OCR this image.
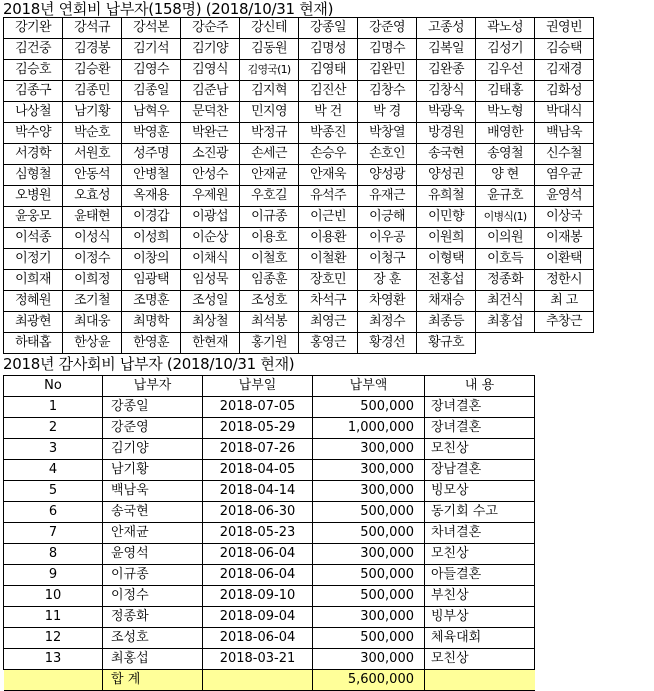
2018년 연회비 납부자(158명) (2018/10/31 현재)
강기완	강석규	강석본	강순주	강신테	강종일	강준영	고종성	곽노성	권영빈
김건중	김경봉	김기석	김기양	김동원	김명성	김명수	김복일	김성기	김승택
김승호	김승환	김영수	김영식	김영국(1)	김영태	김완민	김완종	김우선	김재경
김종구	김종민	김종일	김준남	김지혁	김진산	김창수	김창식	김태홍	김화성
나상철	남기황	남혁우	문덕찬	민지영	박 건	박 경	박광욱	박노형	박대식
박수양	박순호	박영훈	박완근	박정규	박종진	박창열	방경원	배영한	백남욱
서경학	서원호	성주명	소진광	손세근	손승우	손호인	송국현	송영철	신수철
심형철	안동석	안병철	안성수	안재균	안재욱	양성광	양성권	양 현	염우균
오병원	오효성	옥재용	우제원	우호길	유석주	유재근	유희철	윤규호	윤영석
윤웅모	윤태현	이경갑	이광섭	이규종	이근빈	이긍해	이민향	이병식(1)	이상국
이석종	이성식	이성희	이순상	이용호	이용환	이우공	이원희	이의원	이재봉
이정기	이정수	이창의	이채식	이철호	이철환	이청구	이형택	이호득	이환택
이희재	이희정	임광택	임성묵	임종훈	장호민	장 훈	전홍섭	정종화	정한시
정혜원	조기철	조명훈	조성일	조성호	차석구	차영환	채재승	최건식	최 고
최광현	최대웅	최명학	최상철	최석봉	최영근	최정수	최종등	최홍섭	추창근
하태홉	한상윤	한영훈	한현재	홍기원	홍영근	황경선	황규호		
2018년 감사회비 납부자 (2018/10/31 현재)
No	납부자	납부일	납부액	내 용
1	강종일	2018-07-05	500,000	장녀결혼
2	강준영	2018-05-29	1,000,000	장녀결혼
3	김기양	2018-07-26	300,000	모친상
4	남기황	2018-04-05	300,000	장남결혼
5	백남욱	2018-04-14	300,000	빙모상
6	송국현	2018-06-30	500,000	동기회 수고
7	안재균	2018-05-23	500,000	차녀결혼
8	윤영석	2018-06-04	300,000	모친상
9	이규종	2018-06-04	500,000	아들결혼
10	이정수	2018-09-10	500,000	부친상
11	정종화	2018-09-04	300,000	빙부상
12	조성호	2018-06-04	500,000	체육대회
13	최홍섭	2018-03-21	300,000	모친상
	합 계		5,600,000	
